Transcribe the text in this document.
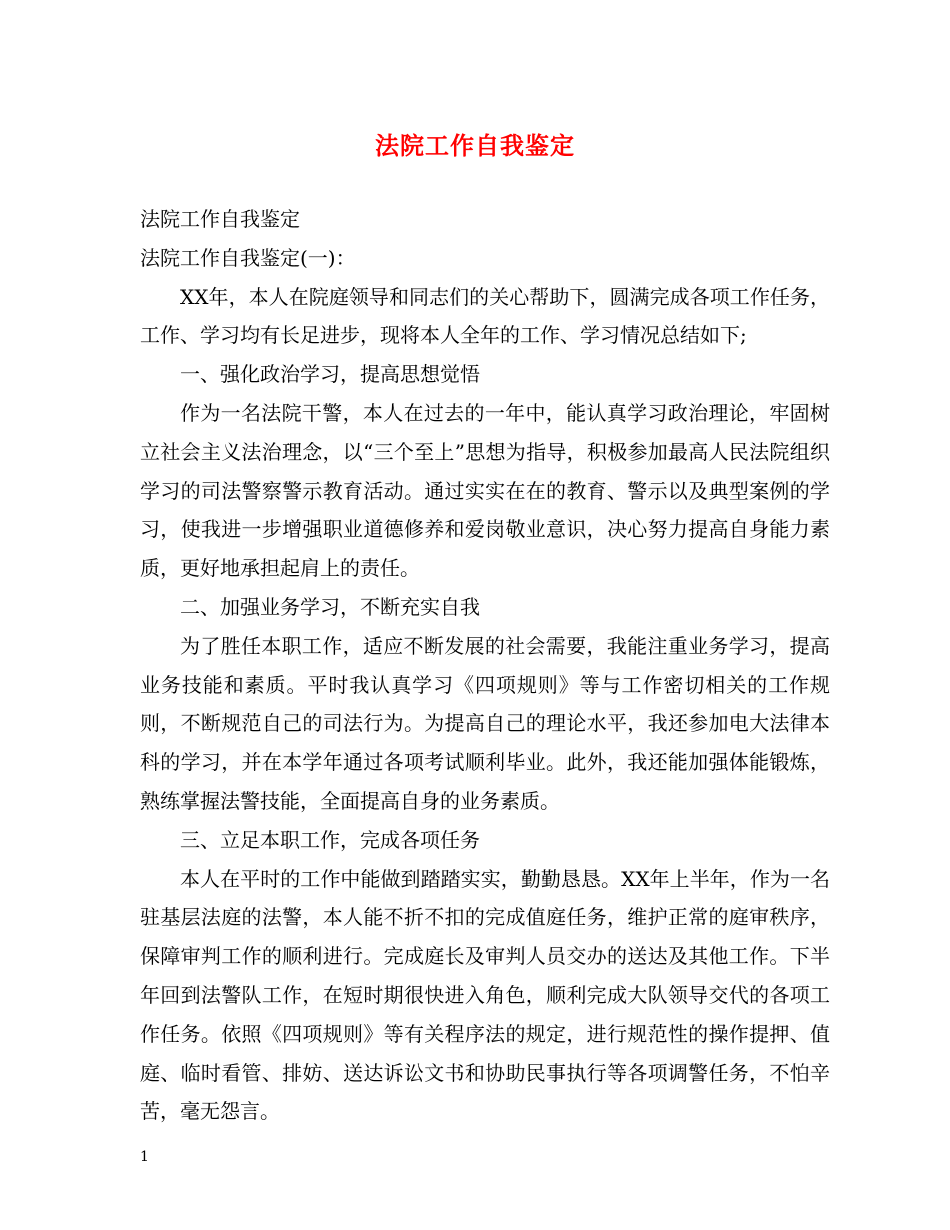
法院工作自我鉴定

法院工作自我鉴定

法院工作自我鉴定(一)：

XX年，本人在院庭领导和同志们的关心帮助下，圆满完成各项工作任务，工作、学习均有长足进步，现将本人全年的工作、学习情况总结如下;

一、强化政治学习，提高思想觉悟

作为一名法院干警，本人在过去的一年中，能认真学习政治理论，牢固树立社会主义法治理念，以“三个至上”思想为指导，积极参加最高人民法院组织学习的司法警察警示教育活动。通过实实在在的教育、警示以及典型案例的学习，使我进一步增强职业道德修养和爱岗敬业意识，决心努力提高自身能力素质，更好地承担起肩上的责任。

二、加强业务学习，不断充实自我

为了胜任本职工作，适应不断发展的社会需要，我能注重业务学习，提高业务技能和素质。平时我认真学习《四项规则》等与工作密切相关的工作规则，不断规范自己的司法行为。为提高自己的理论水平，我还参加电大法律本科的学习，并在本学年通过各项考试顺利毕业。此外，我还能加强体能锻炼，熟练掌握法警技能，全面提高自身的业务素质。

三、立足本职工作，完成各项任务

本人在平时的工作中能做到踏踏实实，勤勤恳恳。XX年上半年，作为一名驻基层法庭的法警，本人能不折不扣的完成值庭任务，维护正常的庭审秩序，保障审判工作的顺利进行。完成庭长及审判人员交办的送达及其他工作。下半年回到法警队工作，在短时期很快进入角色，顺利完成大队领导交代的各项工作任务。依照《四项规则》等有关程序法的规定，进行规范性的操作提押、值庭、临时看管、排妨、送达诉讼文书和协助民事执行等各项调警任务，不怕辛苦，毫无怨言。

1
